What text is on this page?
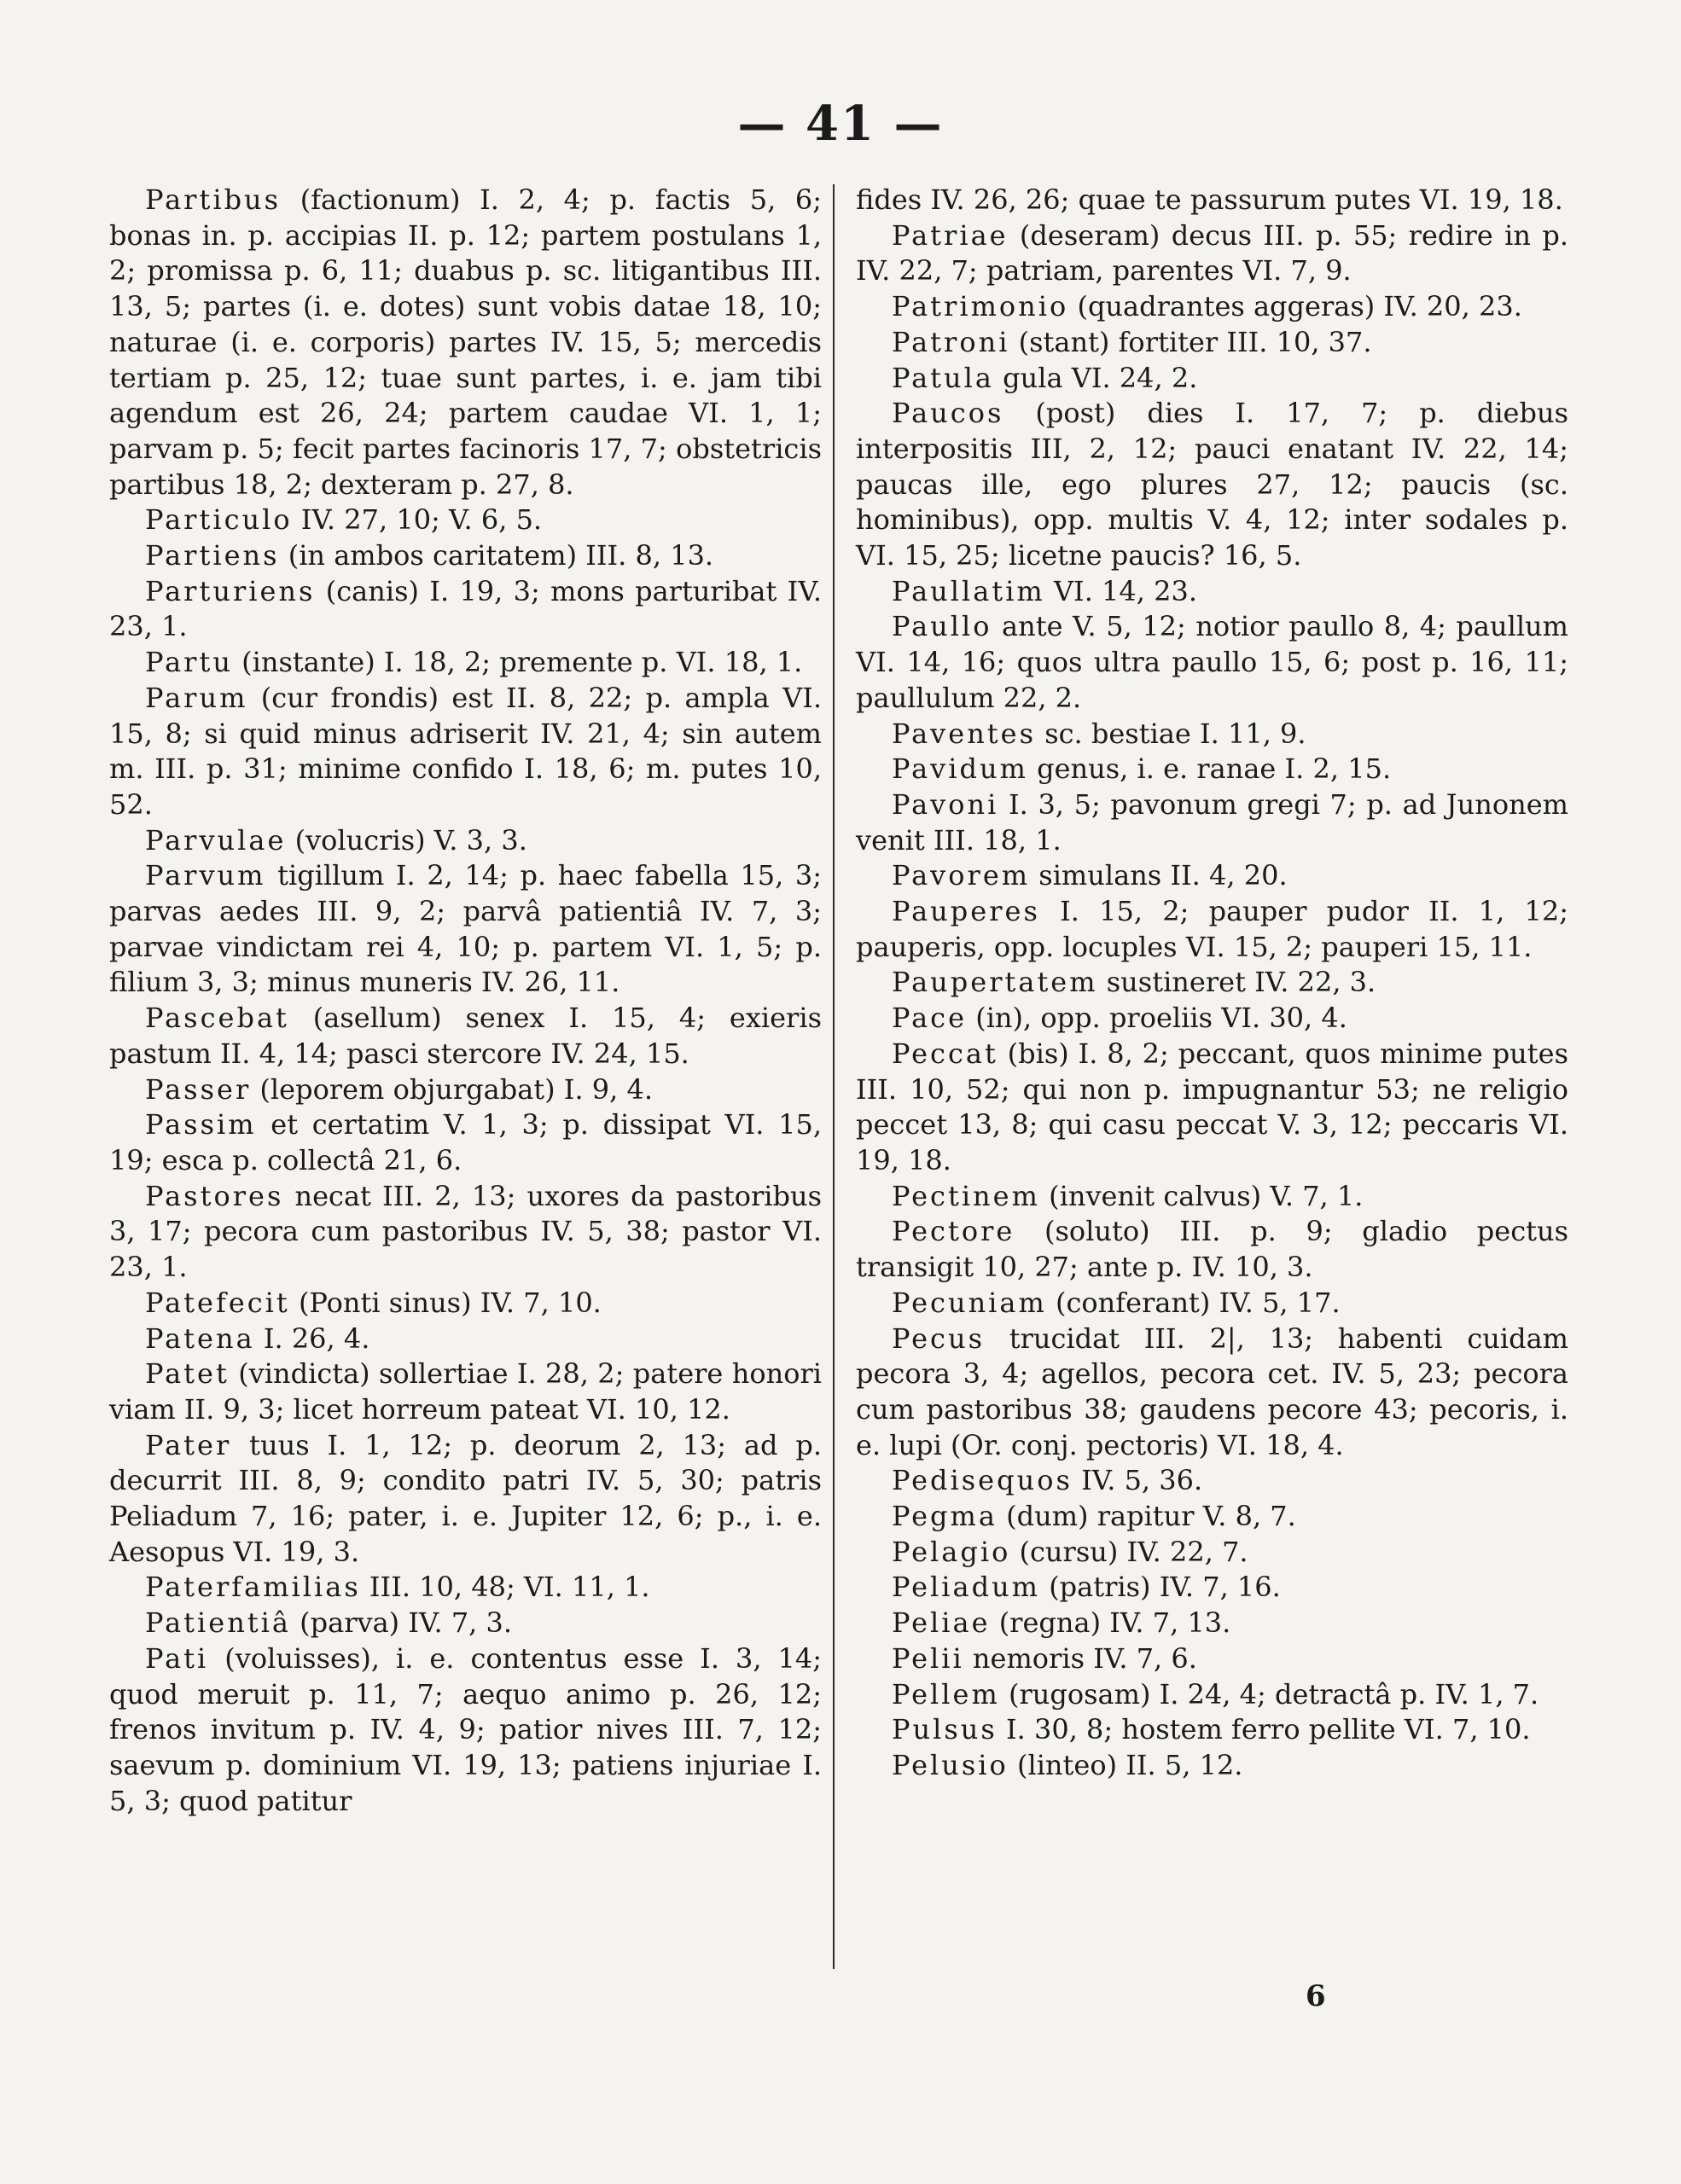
— 41 —

Partibus (factionum) I. 2, 4; p. factis 5, 6; bonas in. p. accipias II. p. 12; partem postulans 1, 2; promissa p. 6, 11; duabus p. sc. litigantibus III. 13, 5; partes (i. e. dotes) sunt vobis datae 18, 10; naturae (i. e. corporis) partes IV. 15, 5; mercedis tertiam p. 25, 12; tuae sunt partes, i. e. jam tibi agendum est 26, 24; partem caudae VI. 1, 1; parvam p. 5; fecit partes facinoris 17, 7; obstetricis partibus 18, 2; dexteram p. 27, 8.

Particulo IV. 27, 10; V. 6, 5.

Partiens (in ambos caritatem) III. 8, 13.

Parturiens (canis) I. 19, 3; mons parturibat IV. 23, 1.

Partu (instante) I. 18, 2; premente p. VI. 18, 1.

Parum (cur frondis) est II. 8, 22; p. ampla VI. 15, 8; si quid minus adriserit IV. 21, 4; sin autem m. III. p. 31; minime confido I. 18, 6; m. putes 10, 52.

Parvulae (volucris) V. 3, 3.

Parvum tigillum I. 2, 14; p. haec fabella 15, 3; parvas aedes III. 9, 2; parvâ patientiâ IV. 7, 3; parvae vindictam rei 4, 10; p. partem VI. 1, 5; p. filium 3, 3; minus muneris IV. 26, 11.

Pascebat (asellum) senex I. 15, 4; exieris pastum II. 4, 14; pasci stercore IV. 24, 15.

Passer (leporem objurgabat) I. 9, 4.

Passim et certatim V. 1, 3; p. dissipat VI. 15, 19; esca p. collectâ 21, 6.

Pastores necat III. 2, 13; uxores da pastoribus 3, 17; pecora cum pastoribus IV. 5, 38; pastor VI. 23, 1.

Patefecit (Ponti sinus) IV. 7, 10.

Patena I. 26, 4.

Patet (vindicta) sollertiae I. 28, 2; patere honori viam II. 9, 3; licet horreum pateat VI. 10, 12.

Pater tuus I. 1, 12; p. deorum 2, 13; ad p. decurrit III. 8, 9; condito patri IV. 5, 30; patris Peliadum 7, 16; pater, i. e. Jupiter 12, 6; p., i. e. Aesopus VI. 19, 3.

Paterfamilias III. 10, 48; VI. 11, 1.

Patientiâ (parva) IV. 7, 3.

Pati (voluisses), i. e. contentus esse I. 3, 14; quod meruit p. 11, 7; aequo animo p. 26, 12; frenos invitum p. IV. 4, 9; patior nives III. 7, 12; saevum p. dominium VI. 19, 13; patiens injuriae I. 5, 3; quod patitur

fides IV. 26, 26; quae te passurum putes VI. 19, 18.

Patriae (deseram) decus III. p. 55; redire in p. IV. 22, 7; patriam, parentes VI. 7, 9.

Patrimonio (quadrantes aggeras) IV. 20, 23.

Patroni (stant) fortiter III. 10, 37.

Patula gula VI. 24, 2.

Paucos (post) dies I. 17, 7; p. diebus interpositis III, 2, 12; pauci enatant IV. 22, 14; paucas ille, ego plures 27, 12; paucis (sc. hominibus), opp. multis V. 4, 12; inter sodales p. VI. 15, 25; licetne paucis? 16, 5.

Paullatim VI. 14, 23.

Paullo ante V. 5, 12; notior paullo 8, 4; paullum VI. 14, 16; quos ultra paullo 15, 6; post p. 16, 11; paullulum 22, 2.

Paventes sc. bestiae I. 11, 9.

Pavidum genus, i. e. ranae I. 2, 15.

Pavoni I. 3, 5; pavonum gregi 7; p. ad Junonem venit III. 18, 1.

Pavorem simulans II. 4, 20.

Pauperes I. 15, 2; pauper pudor II. 1, 12; pauperis, opp. locuples VI. 15, 2; pauperi 15, 11.

Paupertatem sustineret IV. 22, 3.

Pace (in), opp. proeliis VI. 30, 4.

Peccat (bis) I. 8, 2; peccant, quos minime putes III. 10, 52; qui non p. impugnantur 53; ne religio peccet 13, 8; qui casu peccat V. 3, 12; peccaris VI. 19, 18.

Pectinem (invenit calvus) V. 7, 1.

Pectore (soluto) III. p. 9; gladio pectus transigit 10, 27; ante p. IV. 10, 3.

Pecuniam (conferant) IV. 5, 17.

Pecus trucidat III. 2|, 13; habenti cuidam pecora 3, 4; agellos, pecora cet. IV. 5, 23; pecora cum pastoribus 38; gaudens pecore 43; pecoris, i. e. lupi (Or. conj. pectoris) VI. 18, 4.

Pedisequos IV. 5, 36.

Pegma (dum) rapitur V. 8, 7.

Pelagio (cursu) IV. 22, 7.

Peliadum (patris) IV. 7, 16.

Peliae (regna) IV. 7, 13.

Pelii nemoris IV. 7, 6.

Pellem (rugosam) I. 24, 4; detractâ p. IV. 1, 7.

Pulsus I. 30, 8; hostem ferro pellite VI. 7, 10.

Pelusio (linteo) II. 5, 12.

6
